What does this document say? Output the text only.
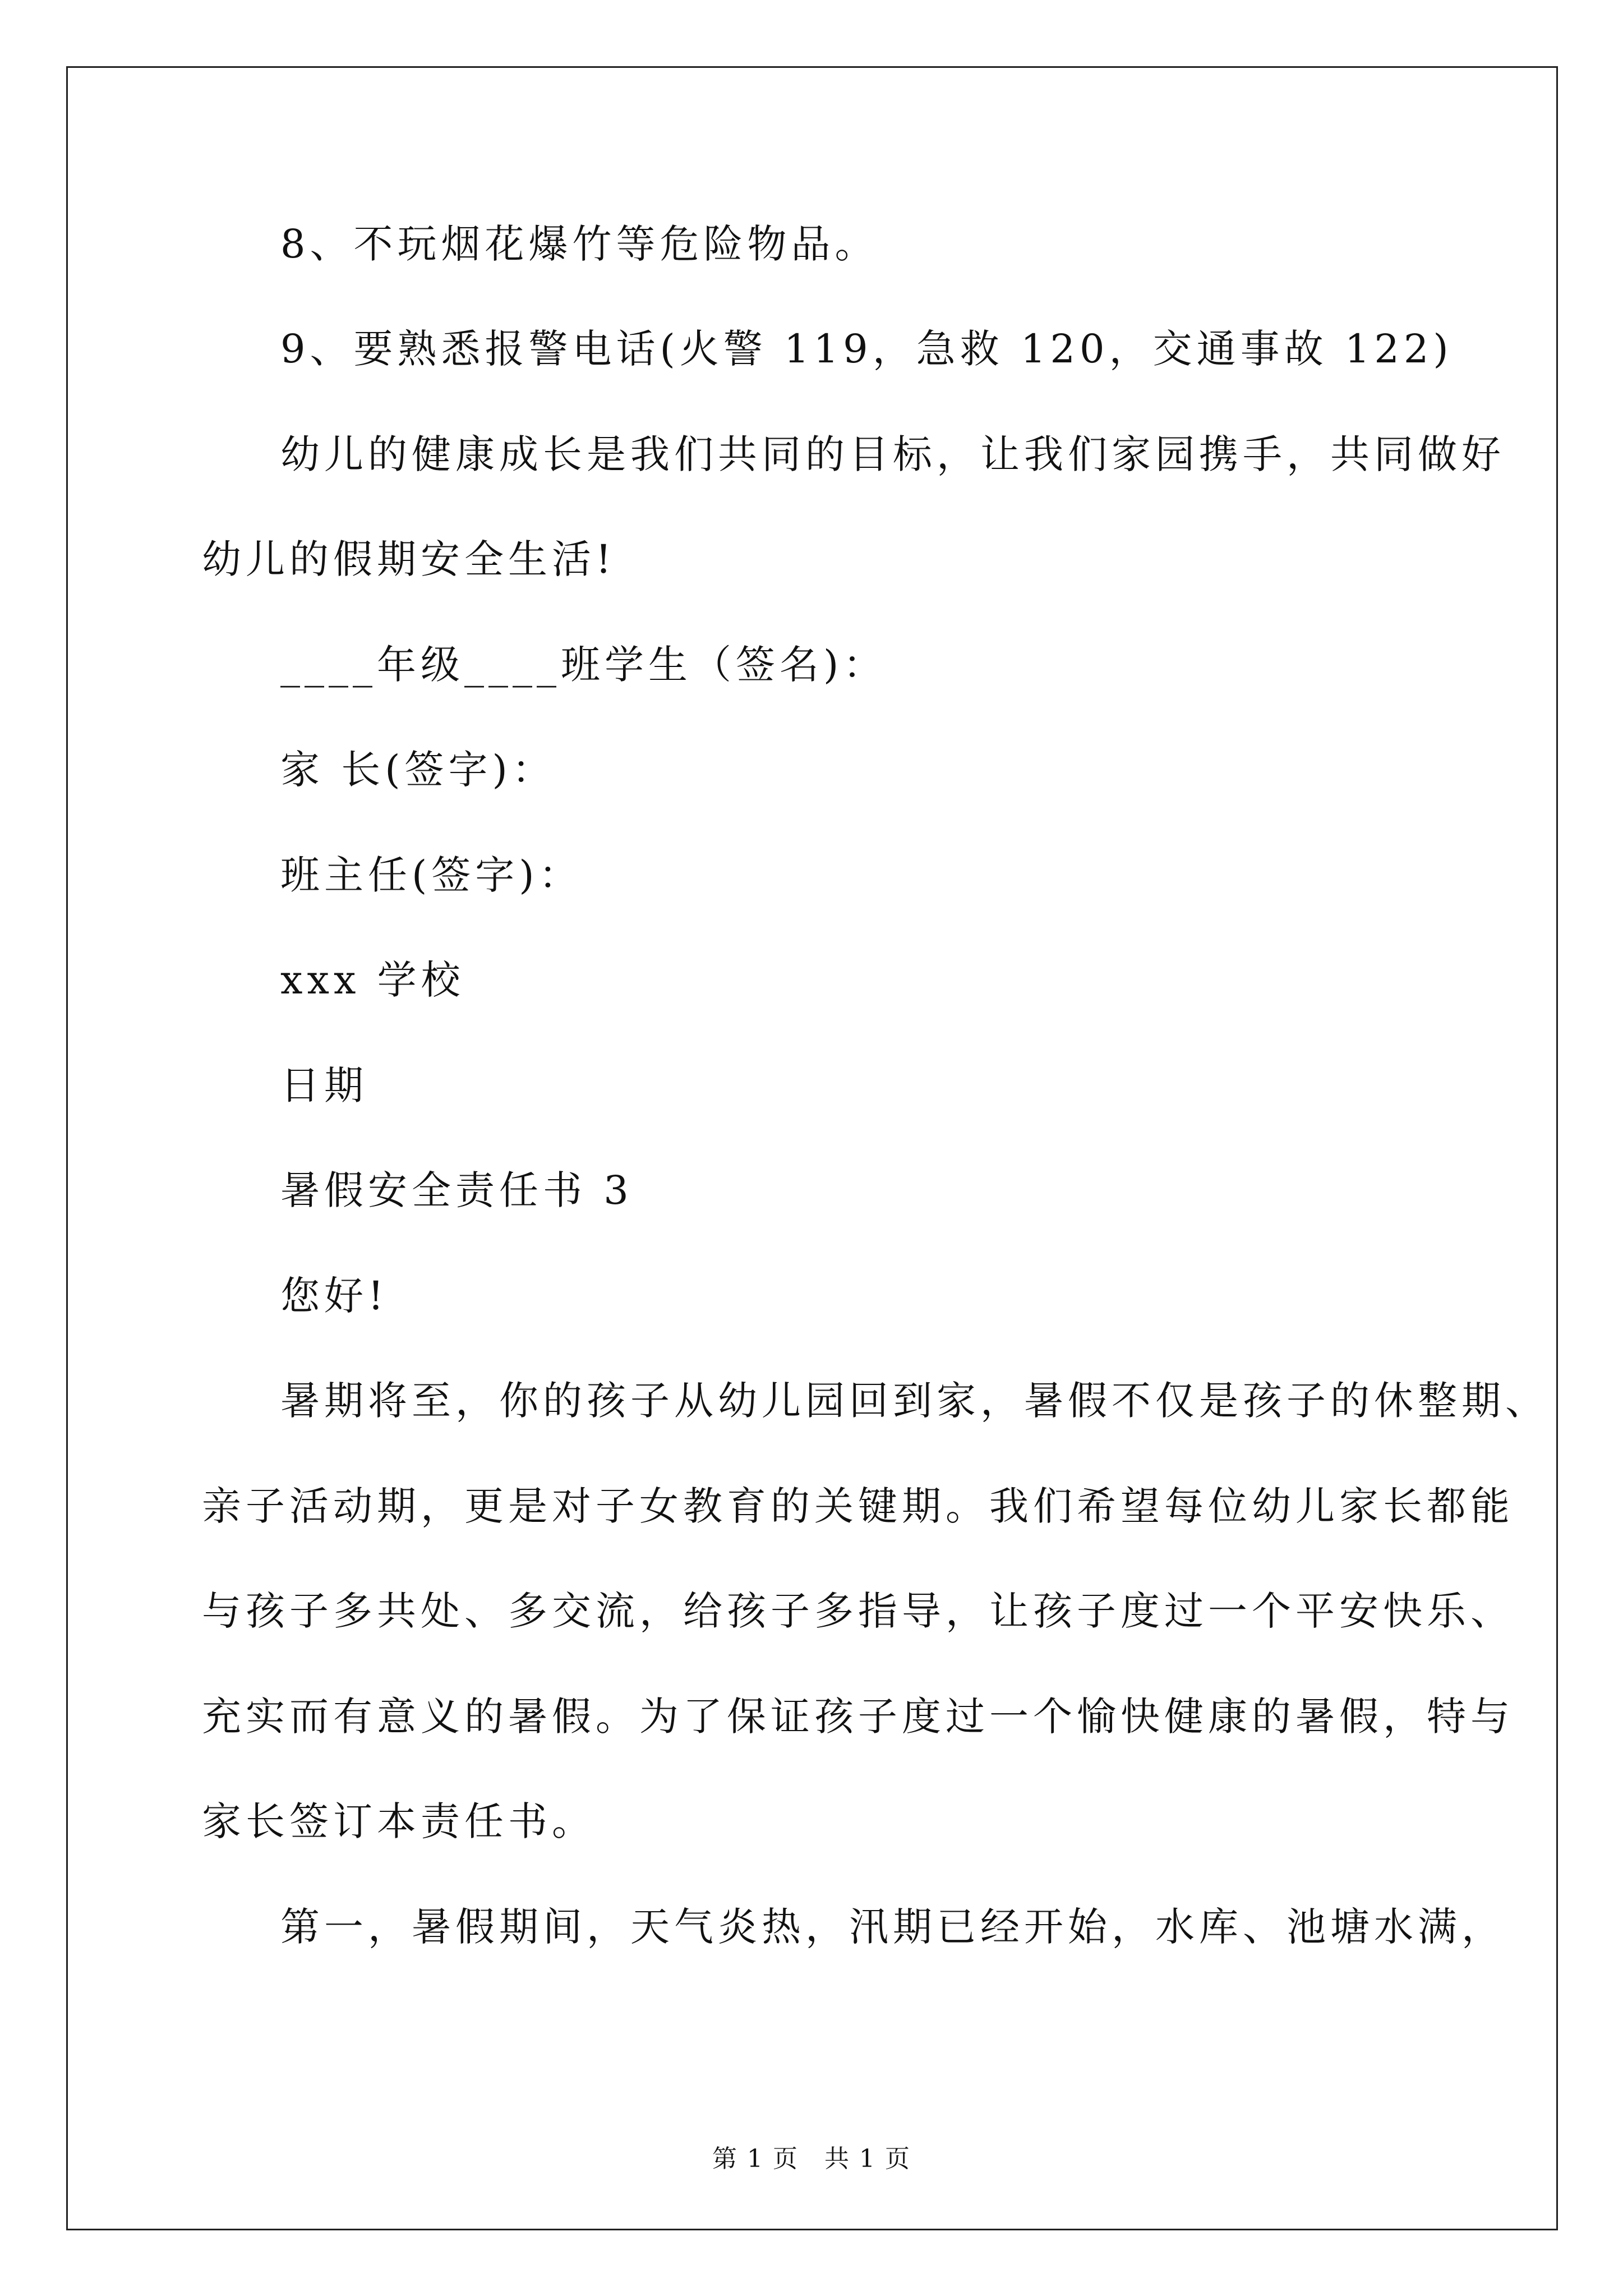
8、不玩烟花爆竹等危险物品。
9、要熟悉报警电话(火警 119，急救 120，交通事故 122)
幼儿的健康成长是我们共同的目标，让我们家园携手，共同做好
幼儿的假期安全生活!
____年级____班学生（签名)：
家 长(签字)：
班主任(签字)：
xxx 学校
日期
暑假安全责任书 3
您好!
暑期将至，你的孩子从幼儿园回到家，暑假不仅是孩子的休整期、
亲子活动期，更是对子女教育的关键期。我们希望每位幼儿家长都能
与孩子多共处、多交流，给孩子多指导，让孩子度过一个平安快乐、
充实而有意义的暑假。为了保证孩子度过一个愉快健康的暑假，特与
家长签订本责任书。
第一，暑假期间，天气炎热，汛期已经开始，水库、池塘水满，
第 1 页　共 1 页
